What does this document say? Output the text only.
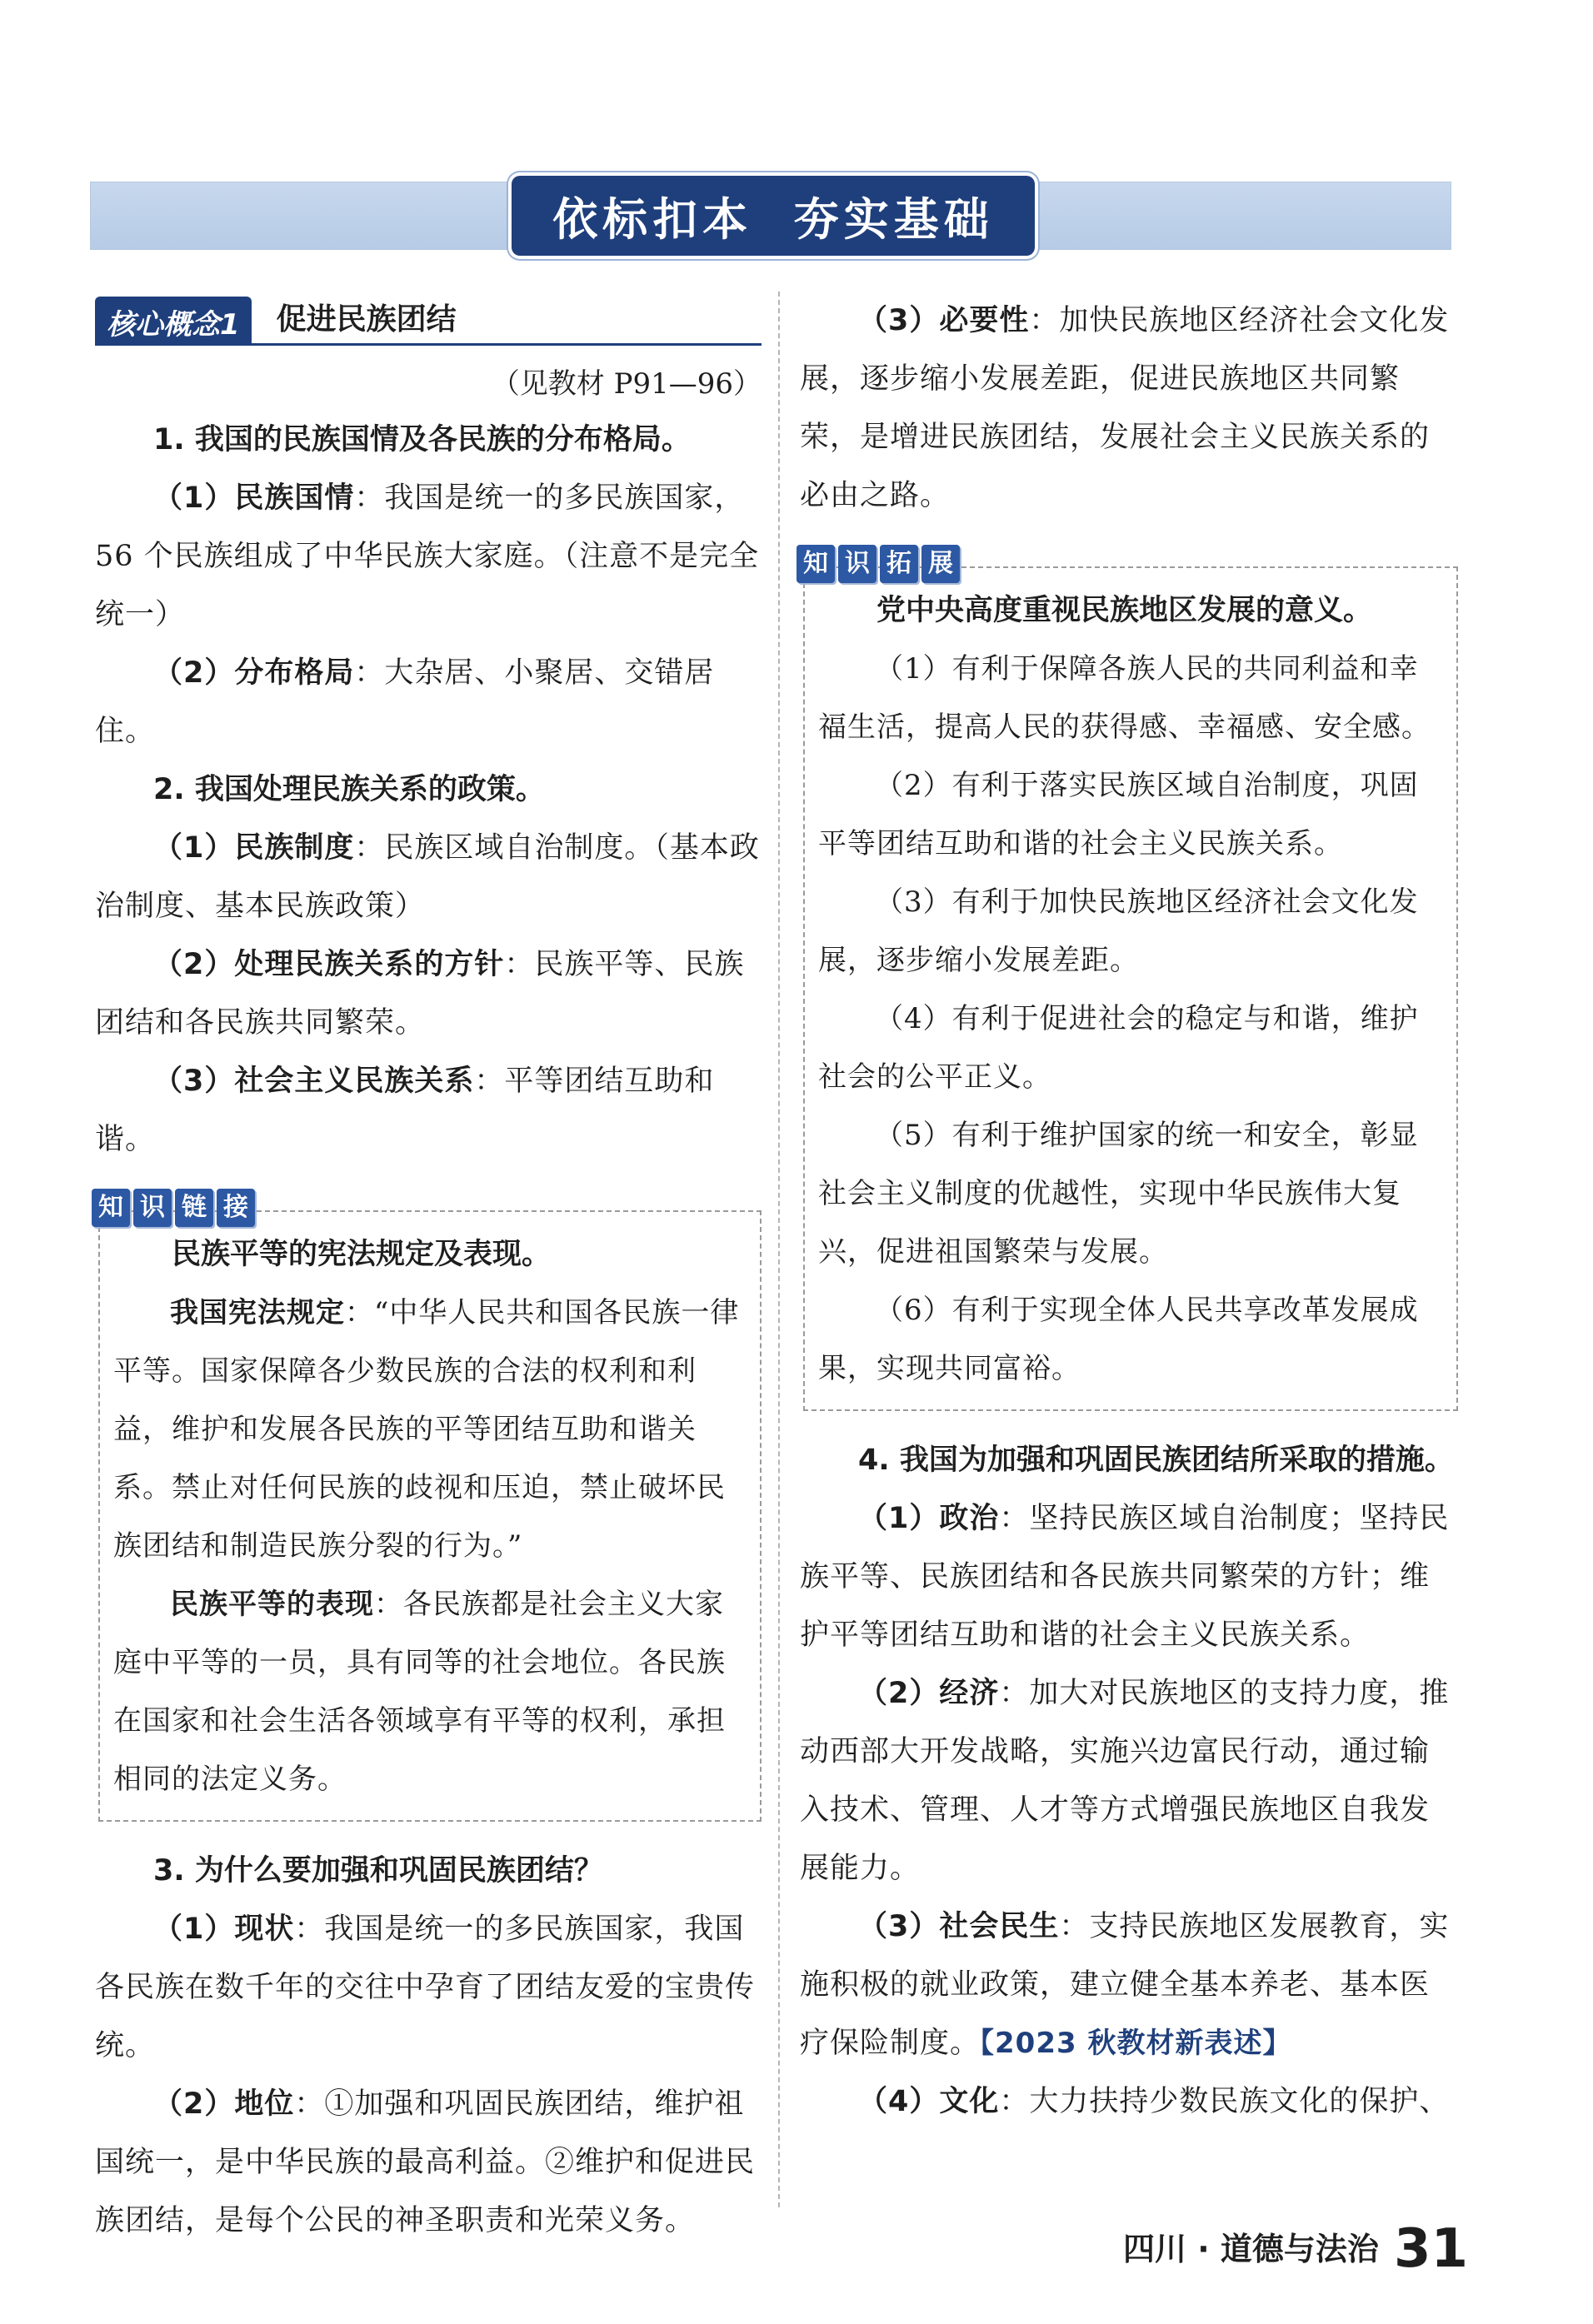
依标扣本  夯实基础
核心概念1	促进民族团结
（见教材 P91—96）

1. 我国的民族国情及各民族的分布格局。

（1）民族国情：我国是统一的多民族国家，56 个民族组成了中华民族大家庭。（注意不是完全统一）

（2）分布格局：大杂居、小聚居、交错居住。

2. 我国处理民族关系的政策。

（1）民族制度：民族区域自治制度。（基本政治制度、基本民族政策）

（2）处理民族关系的方针：民族平等、民族团结和各民族共同繁荣。

（3）社会主义民族关系：平等团结互助和谐。

知 识 链 接

民族平等的宪法规定及表现。

我国宪法规定：“中华人民共和国各民族一律平等。国家保障各少数民族的合法的权利和利益，维护和发展各民族的平等团结互助和谐关系。禁止对任何民族的歧视和压迫，禁止破坏民族团结和制造民族分裂的行为。”

民族平等的表现：各民族都是社会主义大家庭中平等的一员，具有同等的社会地位。各民族在国家和社会生活各领域享有平等的权利，承担相同的法定义务。

3. 为什么要加强和巩固民族团结？

（1）现状：我国是统一的多民族国家，我国各民族在数千年的交往中孕育了团结友爱的宝贵传统。

（2）地位：①加强和巩固民族团结，维护祖国统一，是中华民族的最高利益。②维护和促进民族团结，是每个公民的神圣职责和光荣义务。

（3）必要性：加快民族地区经济社会文化发展，逐步缩小发展差距，促进民族地区共同繁荣，是增进民族团结，发展社会主义民族关系的必由之路。

知 识 拓 展

党中央高度重视民族地区发展的意义。

（1）有利于保障各族人民的共同利益和幸福生活，提高人民的获得感、幸福感、安全感。

（2）有利于落实民族区域自治制度，巩固平等团结互助和谐的社会主义民族关系。

（3）有利于加快民族地区经济社会文化发展，逐步缩小发展差距。

（4）有利于促进社会的稳定与和谐，维护社会的公平正义。

（5）有利于维护国家的统一和安全，彰显社会主义制度的优越性，实现中华民族伟大复兴，促进祖国繁荣与发展。

（6）有利于实现全体人民共享改革发展成果，实现共同富裕。

4. 我国为加强和巩固民族团结所采取的措施。

（1）政治：坚持民族区域自治制度；坚持民族平等、民族团结和各民族共同繁荣的方针；维护平等团结互助和谐的社会主义民族关系。

（2）经济：加大对民族地区的支持力度，推动西部大开发战略，实施兴边富民行动，通过输入技术、管理、人才等方式增强民族地区自我发展能力。

（3）社会民生：支持民族地区发展教育，实施积极的就业政策，建立健全基本养老、基本医疗保险制度。【2023 秋教材新表述】

（4）文化：大力扶持少数民族文化的保护、

四川 · 道德与法治 31
